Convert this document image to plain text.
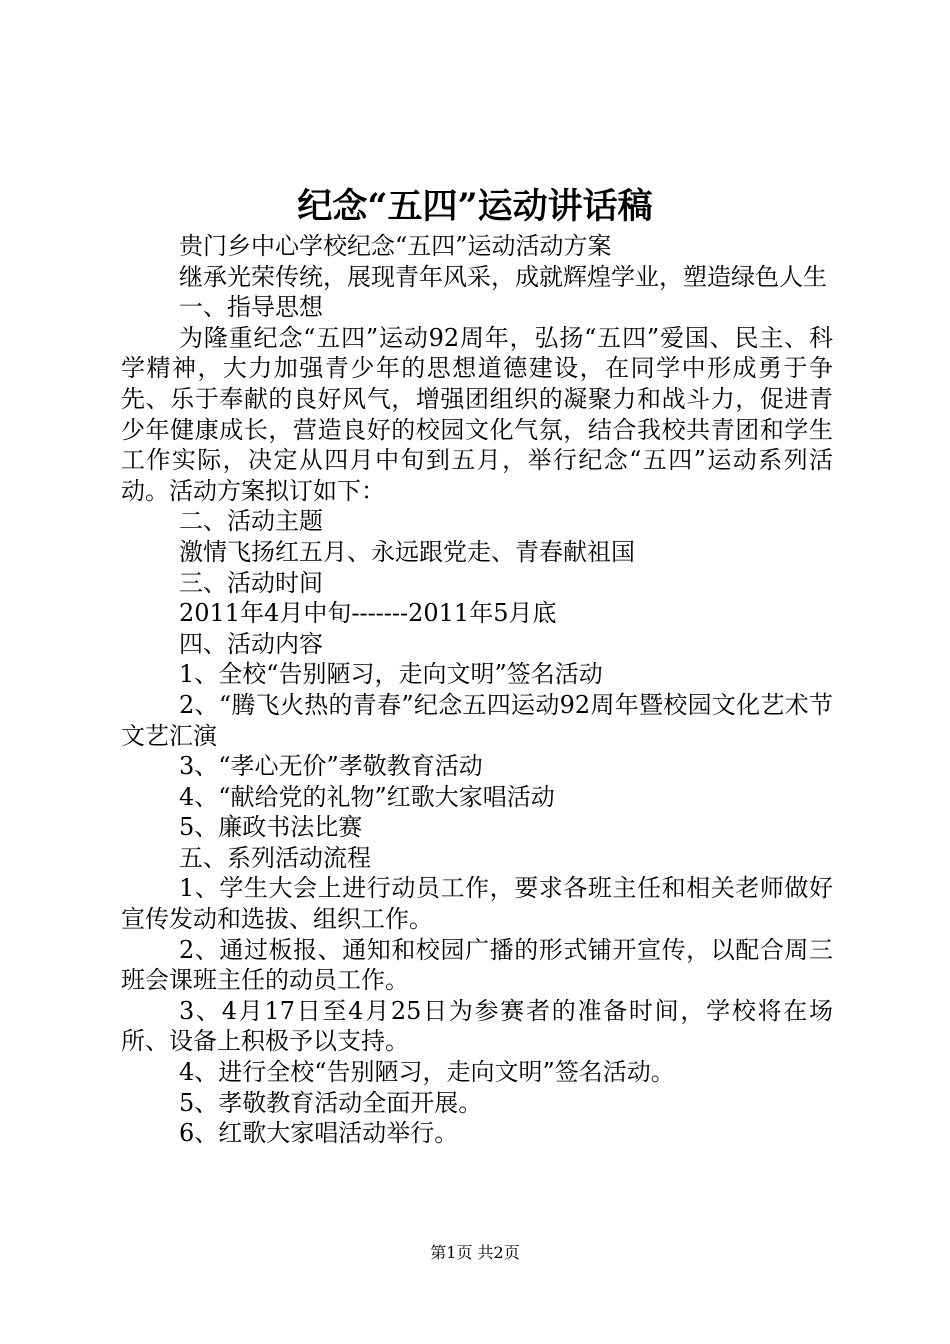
纪念“五四”运动讲话稿

贵门乡中心学校纪念“五四”运动活动方案

继承光荣传统，展现青年风采，成就辉煌学业，塑造绿色人生

一、指导思想

为隆重纪念“五四”运动92周年，弘扬“五四”爱国、民主、科学精神，大力加强青少年的思想道德建设，在同学中形成勇于争先、乐于奉献的良好风气，增强团组织的凝聚力和战斗力，促进青少年健康成长，营造良好的校园文化气氛，结合我校共青团和学生工作实际，决定从四月中旬到五月，举行纪念“五四”运动系列活动。活动方案拟订如下：

二、活动主题

激情飞扬红五月、永远跟党走、青春献祖国

三、活动时间

2011年4月中旬-------2011年5月底

四、活动内容

1、全校“告别陋习，走向文明”签名活动

2、“腾飞火热的青春”纪念五四运动92周年暨校园文化艺术节文艺汇演

3、“孝心无价”孝敬教育活动

4、“献给党的礼物”红歌大家唱活动

5、廉政书法比赛

五、系列活动流程

1、学生大会上进行动员工作，要求各班主任和相关老师做好宣传发动和选拔、组织工作。

2、通过板报、通知和校园广播的形式铺开宣传，以配合周三班会课班主任的动员工作。

3、4月17日至4月25日为参赛者的准备时间，学校将在场所、设备上积极予以支持。

4、进行全校“告别陋习，走向文明”签名活动。

5、孝敬教育活动全面开展。

6、红歌大家唱活动举行。

第1页 共2页
